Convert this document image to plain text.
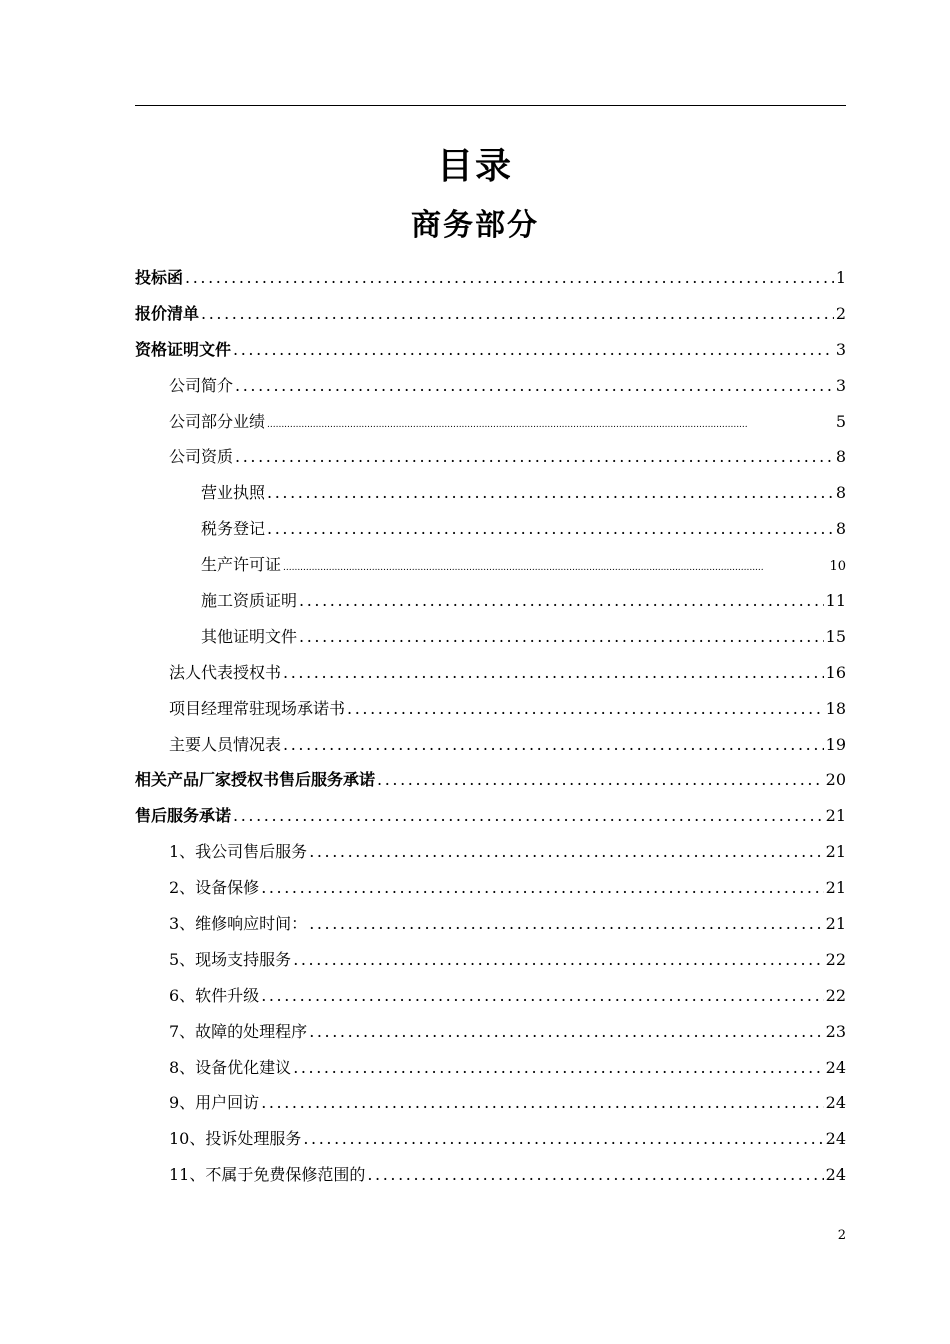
目录
商务部分
投标函 .....	1
报价清单 .....	2
资格证明文件 .....	3
公司简介 .....	3
公司部分业绩 .....	5
公司资质 .....	8
营业执照 .....	8
税务登记 .....	8
生产许可证 .....	10
施工资质证明 .....	11
其他证明文件 .....	15
法人代表授权书 .....	16
项目经理常驻现场承诺书 .....	18
主要人员情况表 .....	19
相关产品厂家授权书售后服务承诺 .....	20
售后服务承诺 .....	21
1、我公司售后服务 .....	21
2、设备保修 .....	21
3、维修响应时间： .....	21
5、现场支持服务 .....	22
6、软件升级 .....	22
7、故障的处理程序 .....	23
8、设备优化建议 .....	24
9、用户回访 .....	24
10、投诉处理服务 .....	24
11、不属于免费保修范围的 .....	24
2
